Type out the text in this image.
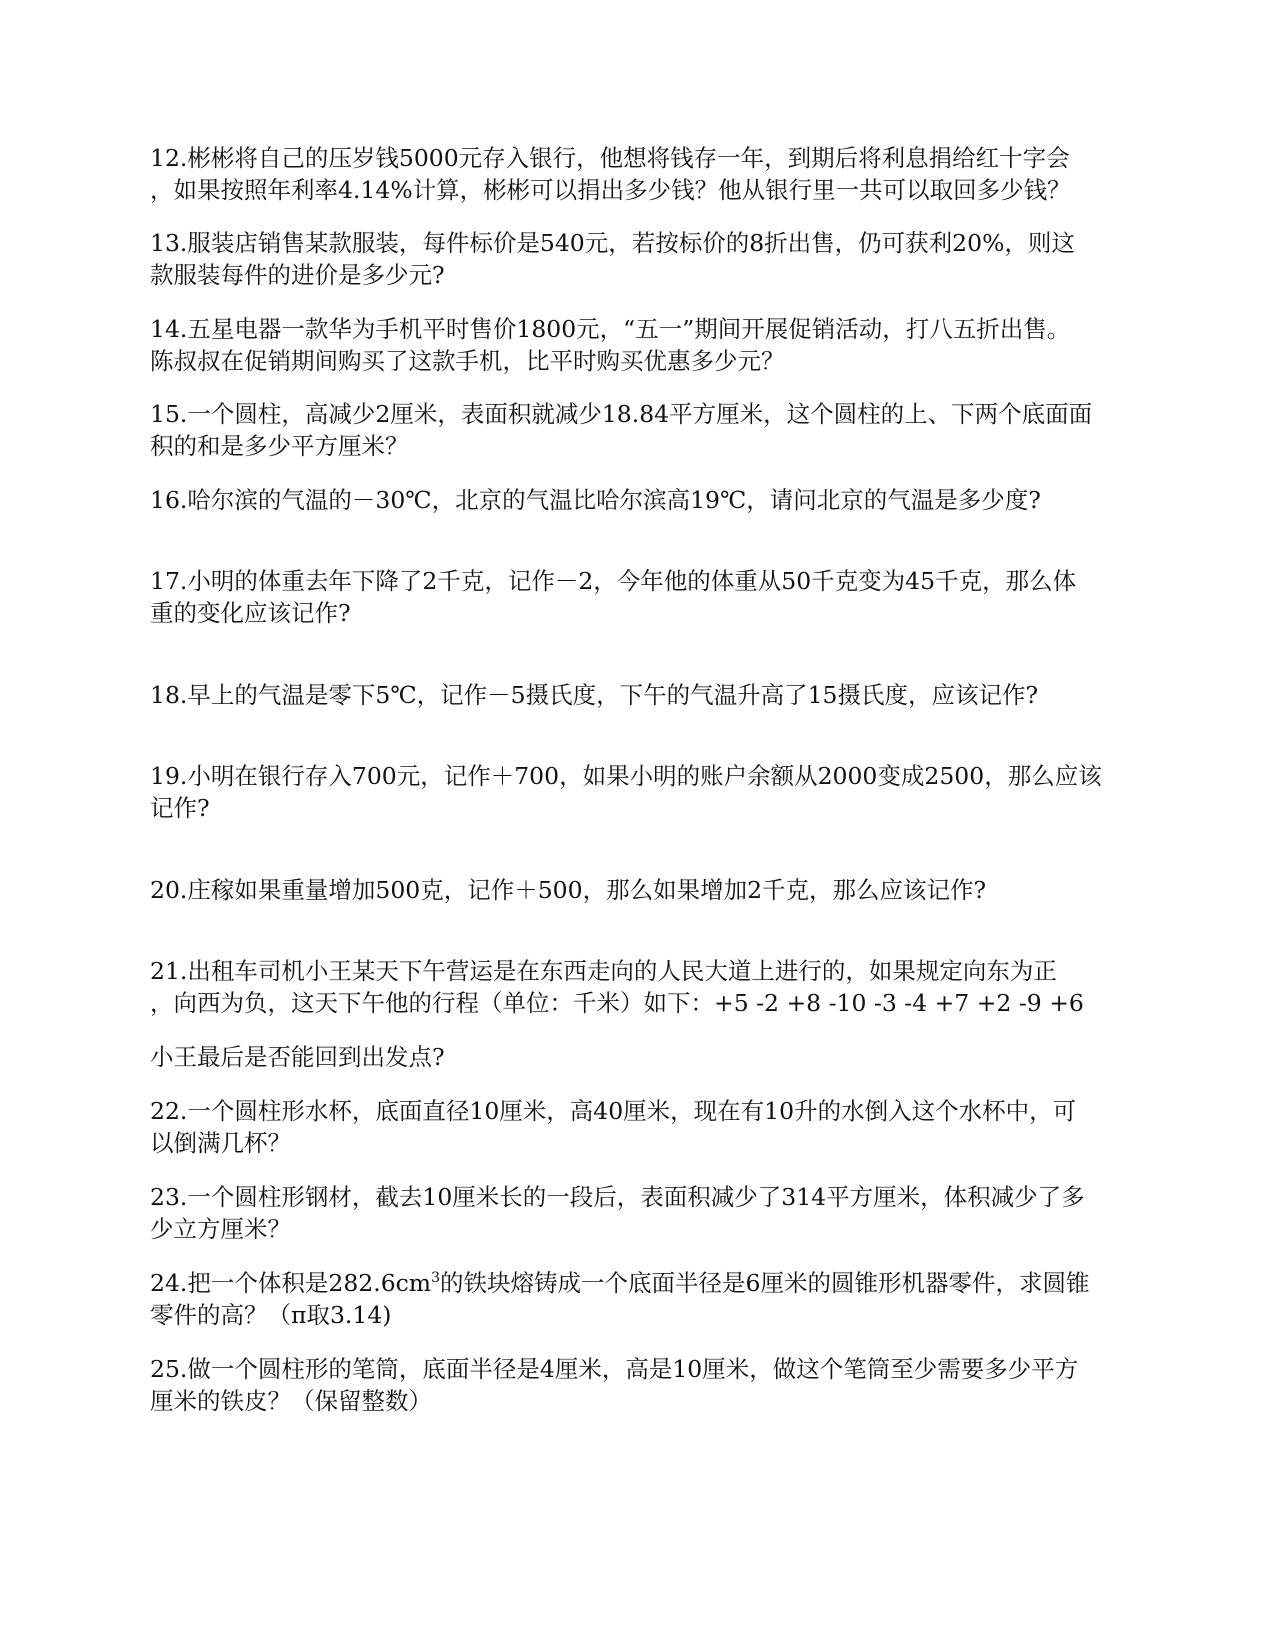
12.彬彬将自己的压岁钱5000元存入银行，他想将钱存一年，到期后将利息捐给红十字会
，如果按照年利率4.14%计算，彬彬可以捐出多少钱？他从银行里一共可以取回多少钱？

13.服装店销售某款服装，每件标价是540元，若按标价的8折出售，仍可获利20%，则这
款服装每件的进价是多少元?

14.五星电器一款华为手机平时售价1800元，“五一”期间开展促销活动，打八五折出售。
陈叔叔在促销期间购买了这款手机，比平时购买优惠多少元？

15.一个圆柱，高减少2厘米，表面积就减少18.84平方厘米，这个圆柱的上、下两个底面面
积的和是多少平方厘米？

16.哈尔滨的气温的－30℃，北京的气温比哈尔滨高19℃，请问北京的气温是多少度?

17.小明的体重去年下降了2千克，记作－2，今年他的体重从50千克变为45千克，那么体
重的变化应该记作?

18.早上的气温是零下5℃，记作－5摄氏度，下午的气温升高了15摄氏度，应该记作?

19.小明在银行存入700元，记作＋700，如果小明的账户余额从2000变成2500，那么应该
记作?

20.庄稼如果重量增加500克，记作＋500，那么如果增加2千克，那么应该记作?

21.出租车司机小王某天下午营运是在东西走向的人民大道上进行的，如果规定向东为正
，向西为负，这天下午他的行程（单位：千米）如下：+5 -2 +8 -10 -3 -4 +7 +2 -9 +6

小王最后是否能回到出发点?

22.一个圆柱形水杯，底面直径10厘米，高40厘米，现在有10升的水倒入这个水杯中，可
以倒满几杯？

23.一个圆柱形钢材，截去10厘米长的一段后，表面积减少了314平方厘米，体积减少了多
少立方厘米？

24.把一个体积是$282.6cm^3$的铁块熔铸成一个底面半径是6厘米的圆锥形机器零件，求圆锥
零件的高？（π取3.14)

25.做一个圆柱形的笔筒，底面半径是4厘米，高是10厘米，做这个笔筒至少需要多少平方
厘米的铁皮？（保留整数）
